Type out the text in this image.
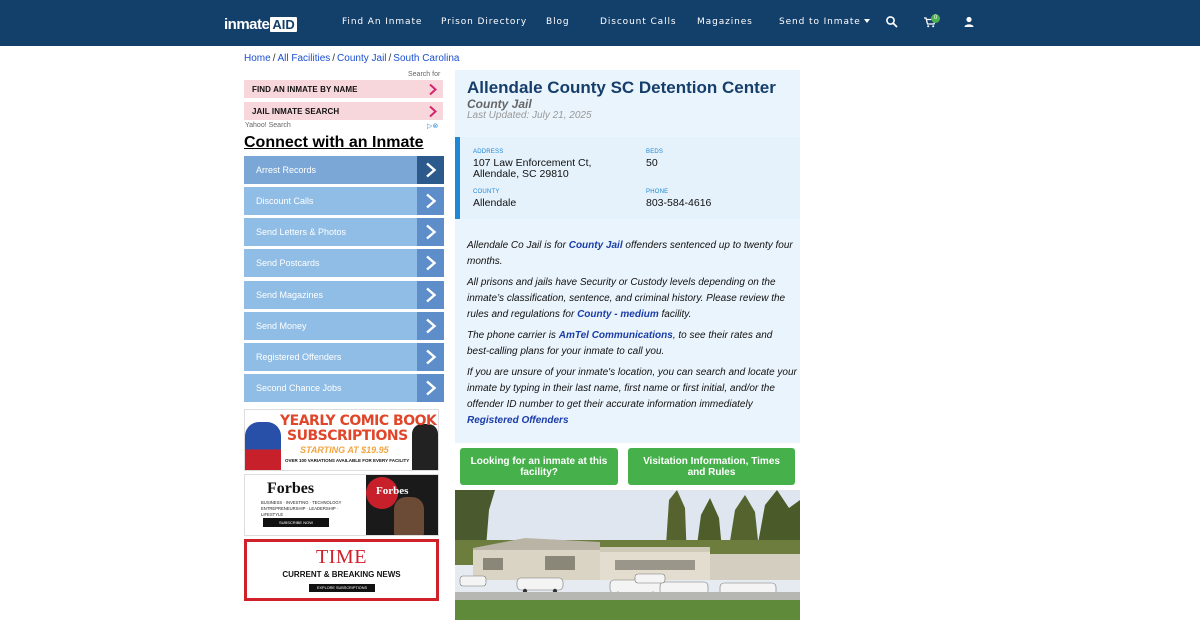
inmate AID	Find An Inmate Prison Directory Blog	Discount Calls Magazines	Send to Inmate	0
Home / All Facilities / County Jail / South Carolina
Search for
FIND AN INMATE BY NAME
JAIL INMATE SEARCH
Yahoo! Search	▷⊗
Connect with an Inmate
Arrest Records
Discount Calls
Send Letters & Photos
Send Postcards
Send Magazines
Send Money
Registered Offenders
Second Chance Jobs
YEARLY COMIC BOOK
SUBSCRIPTIONS
STARTING AT $19.95
OVER 100 VARIATIONS AVAILABLE FOR EVERY FACILITY
Forbes
BUSINESS · INVESTING · TECHNOLOGY ENTREPRENEURSHIP · LEADERSHIP · LIFESTYLE
SUBSCRIBE NOW
Forbes
TIME
CURRENT & BREAKING NEWS
EXPLORE SUBSCRIPTIONS
Allendale County SC Detention Center
County Jail
Last Updated: July 21, 2025
ADDRESS
107 Law Enforcement Ct,
Allendale, SC 29810
BEDS
50
COUNTY
Allendale
PHONE
803-584-4616

Allendale Co Jail is for County Jail offenders sentenced up to twenty four months.

All prisons and jails have Security or Custody levels depending on the inmate’s classification, sentence, and criminal history. Please review the rules and regulations for County - medium facility.

The phone carrier is AmTel Communications, to see their rates and best-calling plans for your inmate to call you.

If you are unsure of your inmate's location, you can search and locate your inmate by typing in their last name, first name or first initial, and/or the offender ID number to get their accurate information immediately Registered Offenders

Looking for an inmate at this facility?
Visitation Information, Times and Rules
